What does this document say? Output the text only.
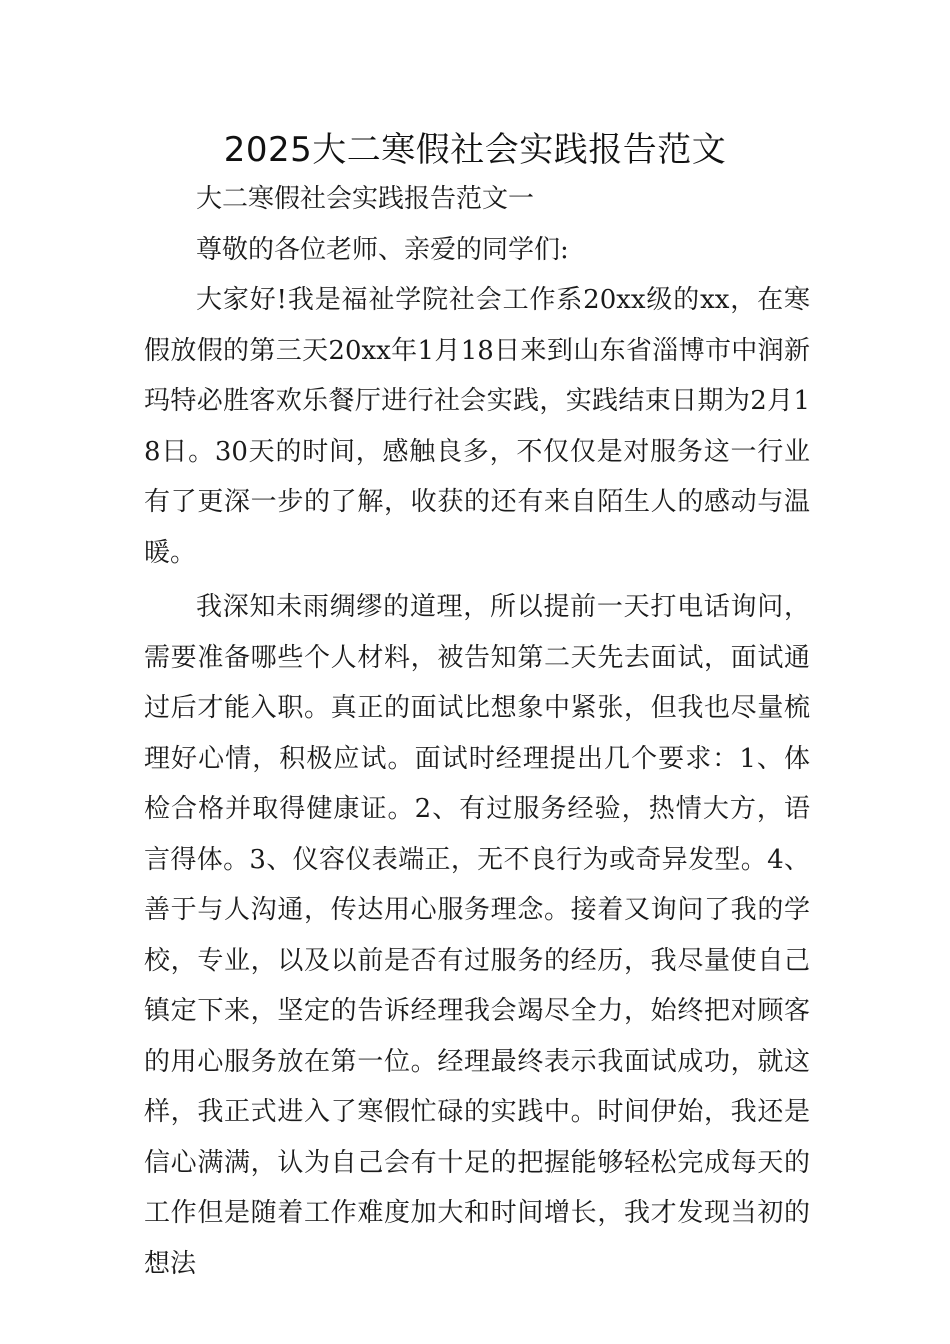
2025大二寒假社会实践报告范文

大二寒假社会实践报告范文一

尊敬的各位老师、亲爱的同学们:

大家好!我是福祉学院社会工作系20xx级的xx，在寒假放假的第三天20xx年1月18日来到山东省淄博市中润新玛特必胜客欢乐餐厅进行社会实践，实践结束日期为2月18日。30天的时间，感触良多，不仅仅是对服务这一行业有了更深一步的了解，收获的还有来自陌生人的感动与温暖。

我深知未雨绸缪的道理，所以提前一天打电话询问，需要准备哪些个人材料，被告知第二天先去面试，面试通过后才能入职。真正的面试比想象中紧张，但我也尽量梳理好心情，积极应试。面试时经理提出几个要求：1、体检合格并取得健康证。2、有过服务经验，热情大方，语言得体。3、仪容仪表端正，无不良行为或奇异发型。4、善于与人沟通，传达用心服务理念。接着又询问了我的学校，专业，以及以前是否有过服务的经历，我尽量使自己镇定下来，坚定的告诉经理我会竭尽全力，始终把对顾客的用心服务放在第一位。经理最终表示我面试成功，就这样，我正式进入了寒假忙碌的实践中。时间伊始，我还是信心满满，认为自己会有十足的把握能够轻松完成每天的工作但是随着工作难度加大和时间增长，我才发现当初的想法
